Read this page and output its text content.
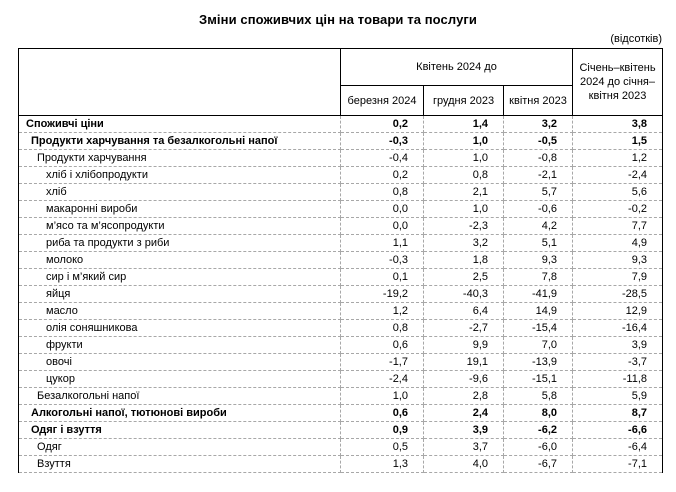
Зміни споживчих цін на товари та послуги
(відсотків)
	Квітень 2024 до			Січень–квітень 2024 до січня–квітня 2023
	березня 2024	грудня 2023	квітня 2023	
Споживчі ціни	0,2	1,4	3,2	3,8
Продукти харчування та безалкогольні напої	-0,3	1,0	-0,5	1,5
Продукти харчування	-0,4	1,0	-0,8	1,2
хліб і хлібопродукти	0,2	0,8	-2,1	-2,4
хліб	0,8	2,1	5,7	5,6
макаронні вироби	0,0	1,0	-0,6	-0,2
м’ясо та м’ясопродукти	0,0	-2,3	4,2	7,7
риба та продукти з риби	1,1	3,2	5,1	4,9
молоко	-0,3	1,8	9,3	9,3
сир і м’який сир	0,1	2,5	7,8	7,9
яйця	-19,2	-40,3	-41,9	-28,5
масло	1,2	6,4	14,9	12,9
олія соняшникова	0,8	-2,7	-15,4	-16,4
фрукти	0,6	9,9	7,0	3,9
овочі	-1,7	19,1	-13,9	-3,7
цукор	-2,4	-9,6	-15,1	-11,8
Безалкогольні напої	1,0	2,8	5,8	5,9
Алкогольні напої, тютюнові вироби	0,6	2,4	8,0	8,7
Одяг і взуття	0,9	3,9	-6,2	-6,6
Одяг	0,5	3,7	-6,0	-6,4
Взуття	1,3	4,0	-6,7	-7,1
